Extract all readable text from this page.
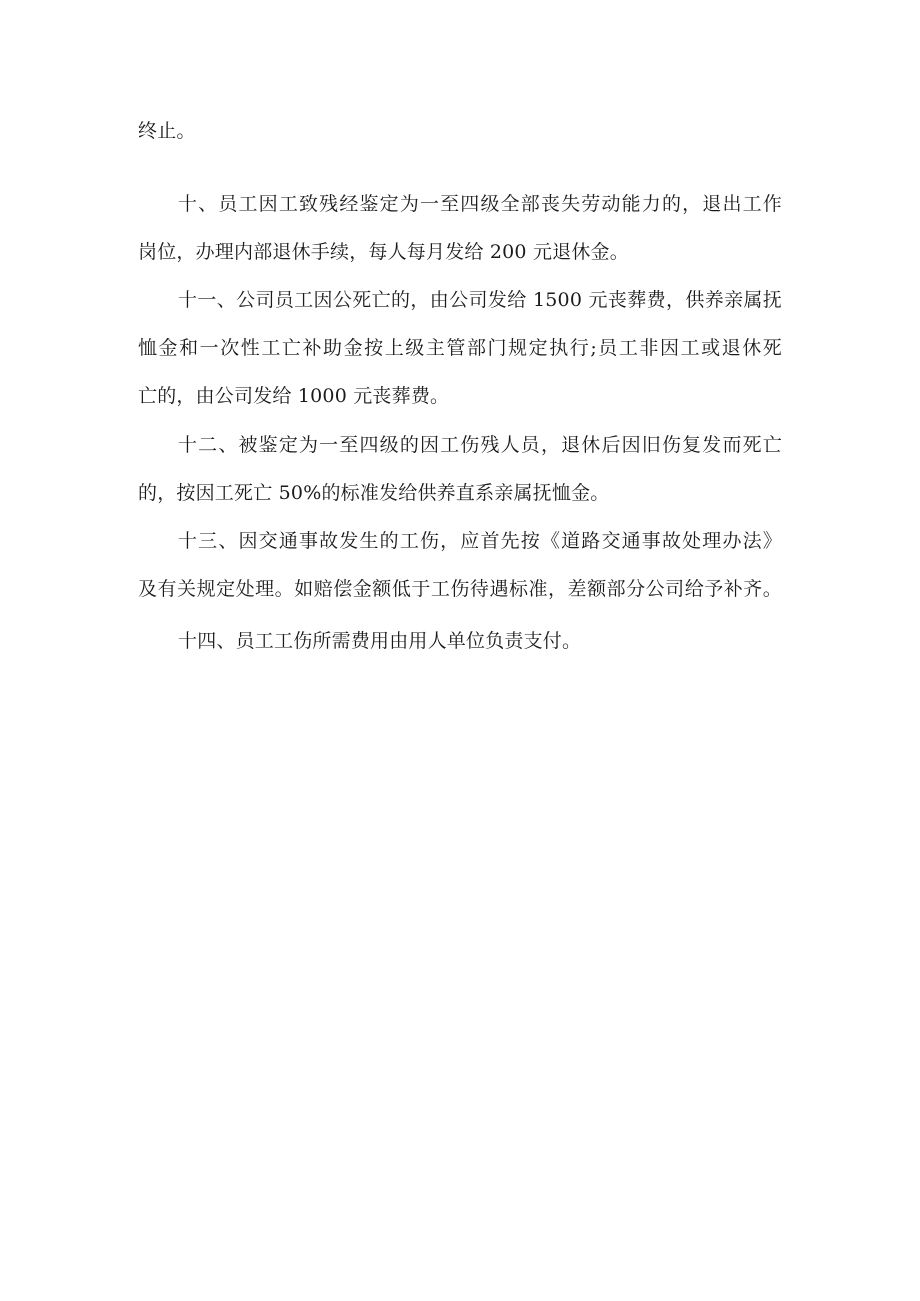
终止。
十、员工因工致残经鉴定为一至四级全部丧失劳动能力的，退出工作
岗位，办理内部退休手续，每人每月发给 200 元退休金。
十一、公司员工因公死亡的，由公司发给 1500 元丧葬费，供养亲属抚
恤金和一次性工亡补助金按上级主管部门规定执行;员工非因工或退休死
亡的，由公司发给 1000 元丧葬费。
十二、被鉴定为一至四级的因工伤残人员，退休后因旧伤复发而死亡
的，按因工死亡 50%的标准发给供养直系亲属抚恤金。
十三、因交通事故发生的工伤，应首先按《道路交通事故处理办法》
及有关规定处理。如赔偿金额低于工伤待遇标准，差额部分公司给予补齐。
十四、员工工伤所需费用由用人单位负责支付。
